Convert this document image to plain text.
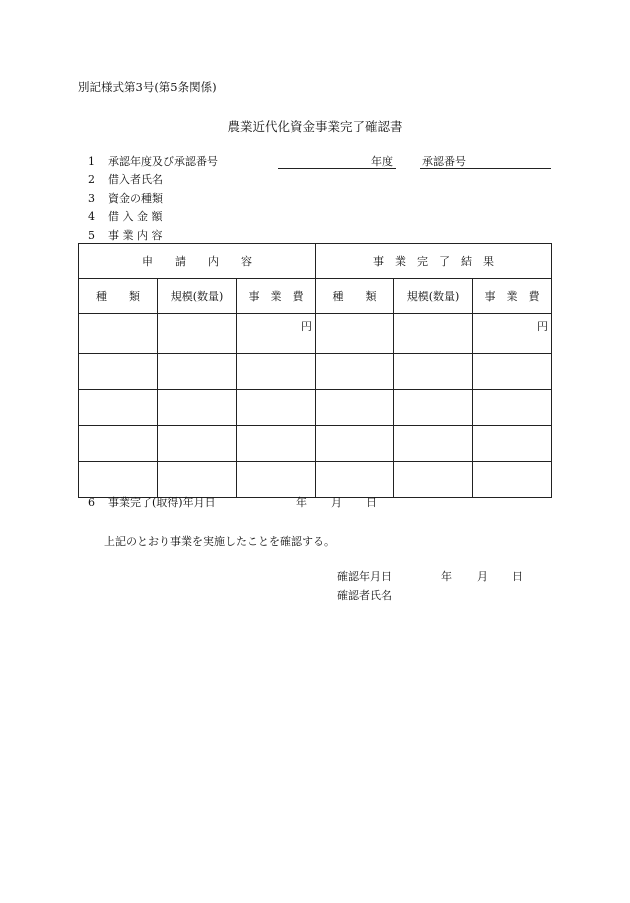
別記様式第3号(第5条関係)
農業近代化資金事業完了確認書
1 承認年度及び承認番号	年度	承認番号
2 借入者氏名
3 資金の種類
4 借 入 金 額
5 事 業 内 容
申　　請　　内　　容			事　業　完　了　結　果		
種　　類	規模(数量)	事　業　費	種　　類	規模(数量)	事　業　費
		円			円

6 事業完了(取得)年月日	年 月 日
上記のとおり事業を実施したことを確認する。
確認年月日	年 月 日
確認者氏名
